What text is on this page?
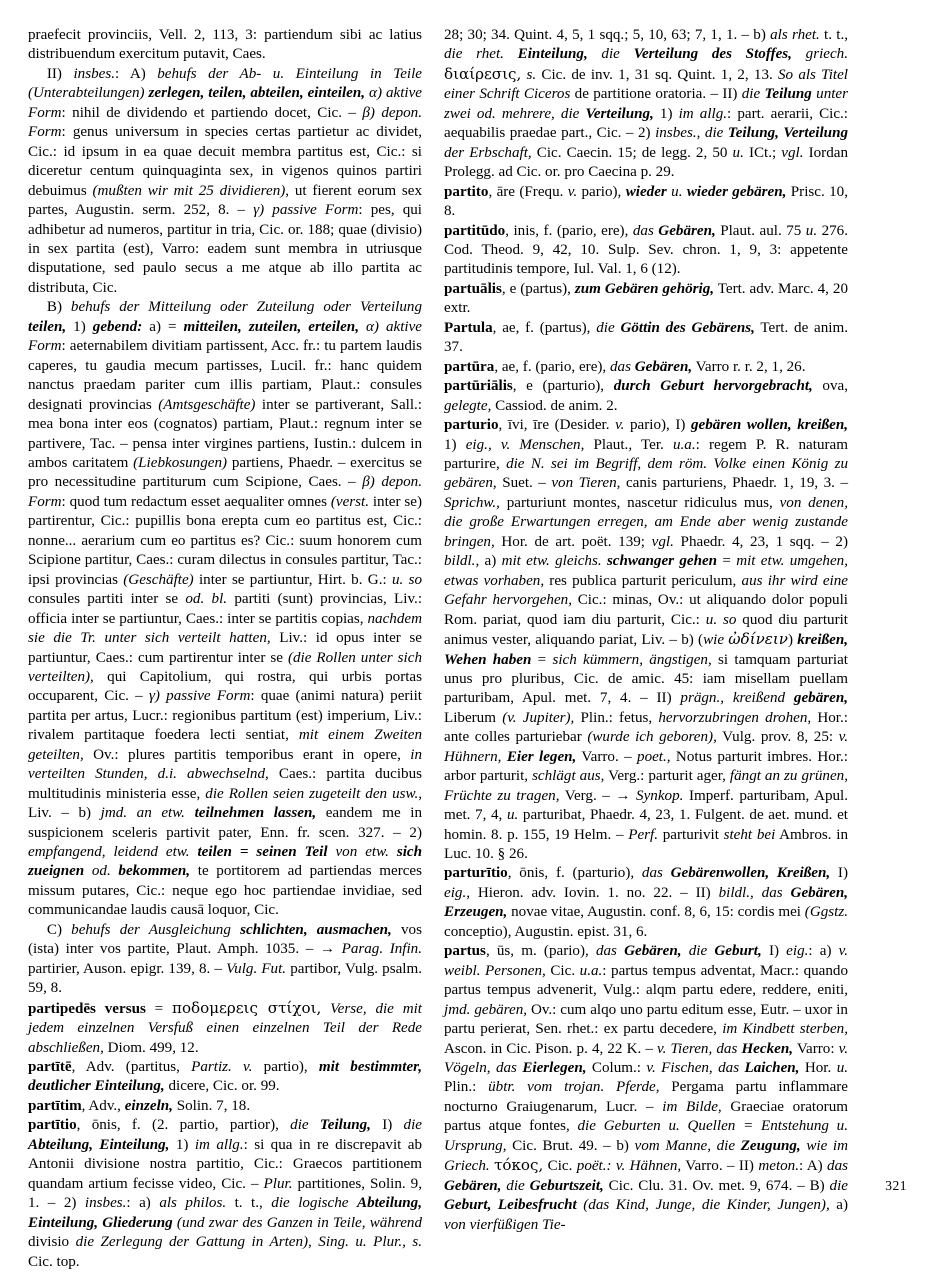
praefecit provinciis, Vell. 2, 113, 3: partiendum sibi ac latius distribuendum exercitum putavit, Caes.

II) insbes.: A) behufs der Ab- u. Einteilung in Teile (Unterabteilungen) zerlegen, teilen, abteilen, einteilen, α) aktive Form: nihil de dividendo et partiendo docet, Cic. – β) depon. Form: genus universum in species certas partietur ac dividet, Cic.: id ipsum in ea quae decuit membra partitus est, Cic.: si diceretur centum quinquaginta sex, in vigenos quinos partiri debuimus (mußten wir mit 25 dividieren), ut fierent eorum sex partes, Augustin. serm. 252, 8. – γ) passive Form: pes, qui adhibetur ad numeros, partitur in tria, Cic. or. 188; quae (divisio) in sex partita (est), Varro: eadem sunt membra in utriusque disputatione, sed paulo secus a me atque ab illo partita ac distributa, Cic.

B) behufs der Mitteilung oder Zuteilung oder Verteilung teilen, 1) gebend: a) = mitteilen, zuteilen, erteilen, α) aktive Form: aeternabilem divitiam partissent, Acc. fr.: tu partem laudis caperes, tu gaudia mecum partisses, Lucil. fr.: hanc quidem nanctus praedam pariter cum illis partiam, Plaut.: consules designati provincias (Amtsgeschäfte) inter se partiverant, Sall.: mea bona inter eos (cognatos) partiam, Plaut.: regnum inter se partivere, Tac. – pensa inter virgines partiens, Iustin.: dulcem in ambos caritatem (Liebkosungen) partiens, Phaedr. – exercitus se pro necessitudine partiturum cum Scipione, Caes. – β) depon. Form: quod tum redactum esset aequaliter omnes (verst. inter se) partirentur, Cic.: pupillis bona erepta cum eo partitus est, Cic.: nonne... aerarium cum eo partitus es? Cic.: suum honorem cum Scipione partitur, Caes.: curam dilectus in consules partitur, Tac.: ipsi provincias (Geschäfte) inter se partiuntur, Hirt. b. G.: u. so consules partiti inter se od. bl. partiti (sunt) provincias, Liv.: officia inter se partiuntur, Caes.: inter se partitis copias, nachdem sie die Tr. unter sich verteilt hatten, Liv.: id opus inter se partiuntur, Caes.: cum partirentur inter se (die Rollen unter sich verteilten), qui Capitolium, qui rostra, qui urbis portas occuparent, Cic. – γ) passive Form: quae (animi natura) periit partita per artus, Lucr.: regionibus partitum (est) imperium, Liv.: rivalem partitaque foedera lecti sentiat, mit einem Zweiten geteilten, Ov.: plures partitis temporibus erant in opere, in verteilten Stunden, d.i. abwechselnd, Caes.: partita ducibus multitudinis ministeria esse, die Rollen seien zugeteilt den usw., Liv. – b) jmd. an etw. teilnehmen lassen, eandem me in suspicionem sceleris partivit pater, Enn. fr. scen. 327. – 2) empfangend, leidend etw. teilen = seinen Teil von etw. sich zueignen od. bekommen, te portitorem ad partiendas merces missum putares, Cic.: neque ego hoc partiendae invidiae, sed communicandae laudis causā loquor, Cic.

C) behufs der Ausgleichung schlichten, ausmachen, vos (ista) inter vos partite, Plaut. Amph. 1035. – → Parag. Infin. partirier, Auson. epigr. 139, 8. – Vulg. Fut. partibor, Vulg. psalm. 59, 8.

partipedēs versus = ποδομερεις στίχοι, Verse, die mit jedem einzelnen Versfuß einen einzelnen Teil der Rede abschließen, Diom. 499, 12.

partītē, Adv. (partitus, Partiz. v. partio), mit bestimmter, deutlicher Einteilung, dicere, Cic. or. 99.

partītim, Adv., einzeln, Solin. 7, 18.

partītio, ōnis, f. (2. partio, partior), die Teilung, I) die Abteilung, Einteilung, 1) im allg.: si qua in re discrepavit ab Antonii divisione nostra partitio, Cic.: Graecos partitionem quandam artium fecisse video, Cic. – Plur. partitiones, Solin. 9, 1. – 2) insbes.: a) als philos. t. t., die logische Abteilung, Einteilung, Gliederung (und zwar des Ganzen in Teile, während divisio die Zerlegung der Gattung in Arten), Sing. u. Plur., s. Cic. top.

28; 30; 34. Quint. 4, 5, 1 sqq.; 5, 10, 63; 7, 1, 1. – b) als rhet. t. t., die rhet. Einteilung, die Verteilung des Stoffes, griech. διαίρεσις, s. Cic. de inv. 1, 31 sq. Quint. 1, 2, 13. So als Titel einer Schrift Ciceros de partitione oratoria. – II) die Teilung unter zwei od. mehrere, die Verteilung, 1) im allg.: part. aerarii, Cic.: aequabilis praedae part., Cic. – 2) insbes., die Teilung, Verteilung der Erbschaft, Cic. Caecin. 15; de legg. 2, 50 u. ICt.; vgl. Iordan Prolegg. ad Cic. or. pro Caecina p. 29.

partito, āre (Frequ. v. pario), wieder u. wieder gebären, Prisc. 10, 8.

partitūdo, inis, f. (pario, ere), das Gebären, Plaut. aul. 75 u. 276. Cod. Theod. 9, 42, 10. Sulp. Sev. chron. 1, 9, 3: appetente partitudinis tempore, Iul. Val. 1, 6 (12).

partuālis, e (partus), zum Gebären gehörig, Tert. adv. Marc. 4, 20 extr.

Partula, ae, f. (partus), die Göttin des Gebärens, Tert. de anim. 37.

partūra, ae, f. (pario, ere), das Gebären, Varro r. r. 2, 1, 26.

partūriālis, e (parturio), durch Geburt hervorgebracht, ova, gelegte, Cassiod. de anim. 2.

parturio, īvi, īre (Desider. v. pario), I) gebären wollen, kreißen, 1) eig., v. Menschen, Plaut., Ter. u.a.: regem P. R. naturam parturire, die N. sei im Begriff, dem röm. Volke einen König zu gebären, Suet. – von Tieren, canis parturiens, Phaedr. 1, 19, 3. – Sprichw., parturiunt montes, nascetur ridiculus mus, von denen, die große Erwartungen erregen, am Ende aber wenig zustande bringen, Hor. de art. poët. 139; vgl. Phaedr. 4, 23, 1 sqq. – 2) bildl., a) mit etw. gleichs. schwanger gehen = mit etw. umgehen, etwas vorhaben, res publica parturit periculum, aus ihr wird eine Gefahr hervorgehen, Cic.: minas, Ov.: ut aliquando dolor populi Rom. pariat, quod iam diu parturit, Cic.: u. so quod diu parturit animus vester, aliquando pariat, Liv. – b) (wie ὠδίνειν) kreißen, Wehen haben = sich kümmern, ängstigen, si tamquam parturiat unus pro pluribus, Cic. de amic. 45: iam misellam puellam parturibam, Apul. met. 7, 4. – II) prägn., kreißend gebären, Liberum (v. Jupiter), Plin.: fetus, hervorzubringen drohen, Hor.: ante colles parturiebar (wurde ich geboren), Vulg. prov. 8, 25: v. Hühnern, Eier legen, Varro. – poet., Notus parturit imbres. Hor.: arbor parturit, schlägt aus, Verg.: parturit ager, fängt an zu grünen, Früchte zu tragen, Verg. – → Synkop. Imperf. parturibam, Apul. met. 7, 4, u. parturibat, Phaedr. 4, 23, 1. Fulgent. de aet. mund. et homin. 8. p. 155, 19 Helm. – Perf. parturivit steht bei Ambros. in Luc. 10. § 26.

parturītio, ōnis, f. (parturio), das Gebärenwollen, Kreißen, I) eig., Hieron. adv. Iovin. 1. no. 22. – II) bildl., das Gebären, Erzeugen, novae vitae, Augustin. conf. 8, 6, 15: cordis mei (Ggstz. conceptio), Augustin. epist. 31, 6.

partus, ūs, m. (pario), das Gebären, die Geburt, I) eig.: a) v. weibl. Personen, Cic. u.a.: partus tempus adventat, Macr.: quando partus tempus advenerit, Vulg.: alqm partu edere, reddere, eniti, jmd. gebären, Ov.: cum alqo uno partu editum esse, Eutr. – uxor in partu perierat, Sen. rhet.: ex partu decedere, im Kindbett sterben, Ascon. in Cic. Pison. p. 4, 22 K. – v. Tieren, das Hecken, Varro: v. Vögeln, das Eierlegen, Colum.: v. Fischen, das Laichen, Hor. u. Plin.: übtr. vom trojan. Pferde, Pergama partu inflammare nocturno Graiugenarum, Lucr. – im Bilde, Graeciae oratorum partus atque fontes, die Geburten u. Quellen = Entstehung u. Ursprung, Cic. Brut. 49. – b) vom Manne, die Zeugung, wie im Griech. τόκος, Cic. poët.: v. Hähnen, Varro. – II) meton.: A) das Gebären, die Geburtszeit, Cic. Clu. 31. Ov. met. 9, 674. – B) die Geburt, Leibesfrucht (das Kind, Junge, die Kinder, Jungen), a) von vierfüßigen Tie-

321
